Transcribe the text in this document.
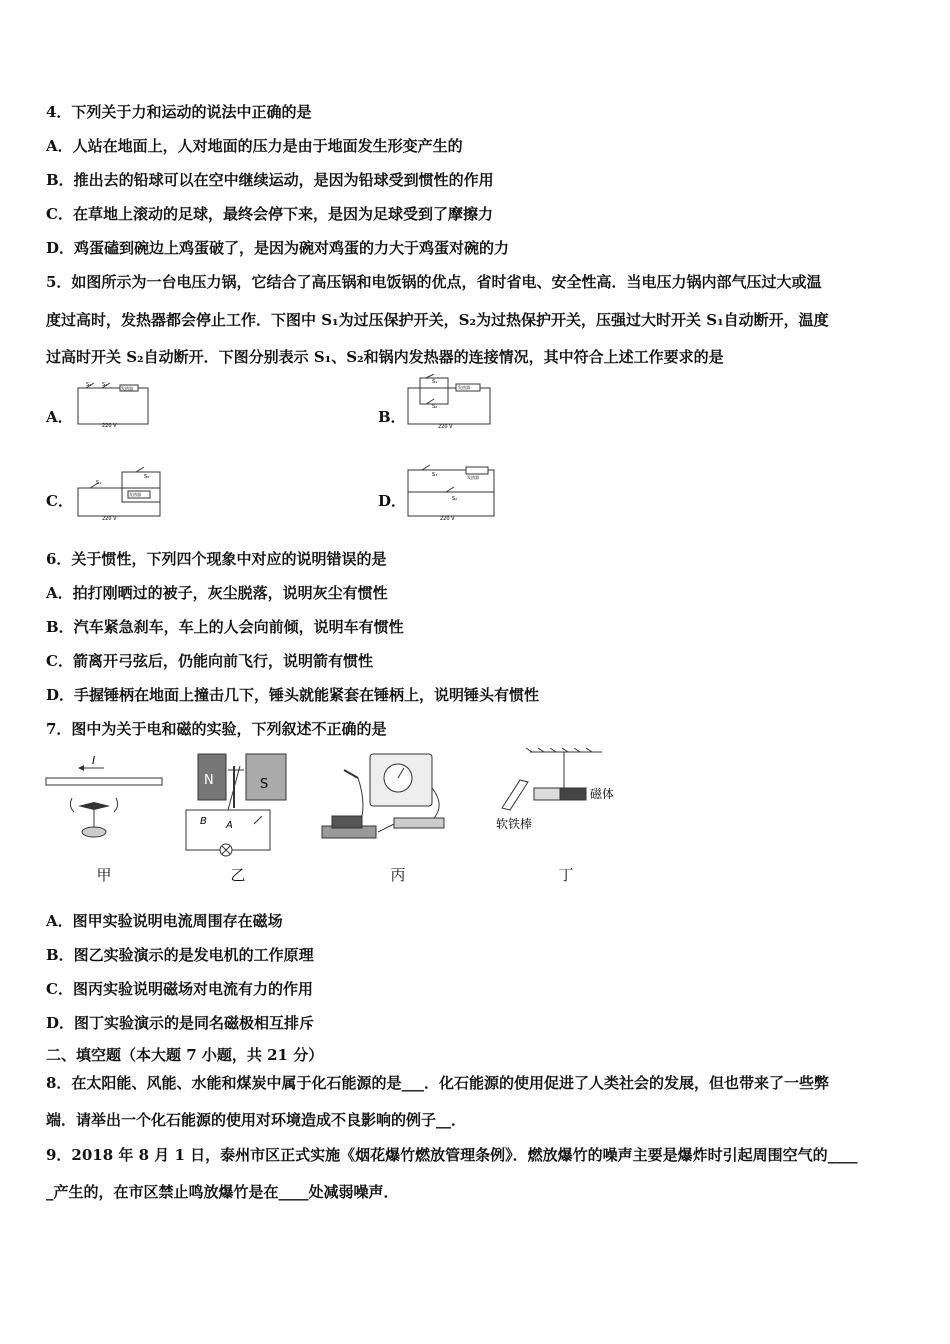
4．下列关于力和运动的说法中正确的是
A．人站在地面上，人对地面的压力是由于地面发生形变产生的
B．推出去的铅球可以在空中继续运动，是因为铅球受到惯性的作用
C．在草地上滚动的足球，最终会停下来，是因为足球受到了摩擦力
D．鸡蛋磕到碗边上鸡蛋破了，是因为碗对鸡蛋的力大于鸡蛋对碗的力
5．如图所示为一台电压力锅，它结合了高压锅和电饭锅的优点，省时省电、安全性高．当电压力锅内部气压过大或温
度过高时，发热器都会停止工作．下图中 S₁为过压保护开关，S₂为过热保护开关，压强过大时开关 S₁自动断开，温度
过高时开关 S₂自动断开．下图分别表示 S₁、S₂和锅内发热器的连接情况，其中符合上述工作要求的是
A．
S₁ S₂
发热器
220 V	B．
S₁
S₂
发热器
220 V
C．
S₁
S₂
发热器
220 V
D．
S₁
S₂
发热器
220 V
6．关于惯性，下列四个现象中对应的说明错误的是
A．拍打刚晒过的被子，灰尘脱落，说明灰尘有惯性
B．汽车紧急刹车，车上的人会向前倾，说明车有惯性
C．箭离开弓弦后，仍能向前飞行，说明箭有惯性
D．手握锤柄在地面上撞击几下，锤头就能紧套在锤柄上，说明锤头有惯性
7．图中为关于电和磁的实验，下列叙述不正确的是
I
甲
N	S
B A
乙	丙
磁体
软铁棒
丁
A．图甲实验说明电流周围存在磁场
B．图乙实验演示的是发电机的工作原理
C．图丙实验说明磁场对电流有力的作用
D．图丁实验演示的是同名磁极相互排斥
二、填空题（本大题 7 小题，共 21 分）
8．在太阳能、风能、水能和煤炭中属于化石能源的是___．化石能源的使用促进了人类社会的发展，但也带来了一些弊
端．请举出一个化石能源的使用对环境造成不良影响的例子__．
9．2018 年 8 月 1 日，泰州市区正式实施《烟花爆竹燃放管理条例》．燃放爆竹的噪声主要是爆炸时引起周围空气的____
_产生的，在市区禁止鸣放爆竹是在____处减弱噪声．
